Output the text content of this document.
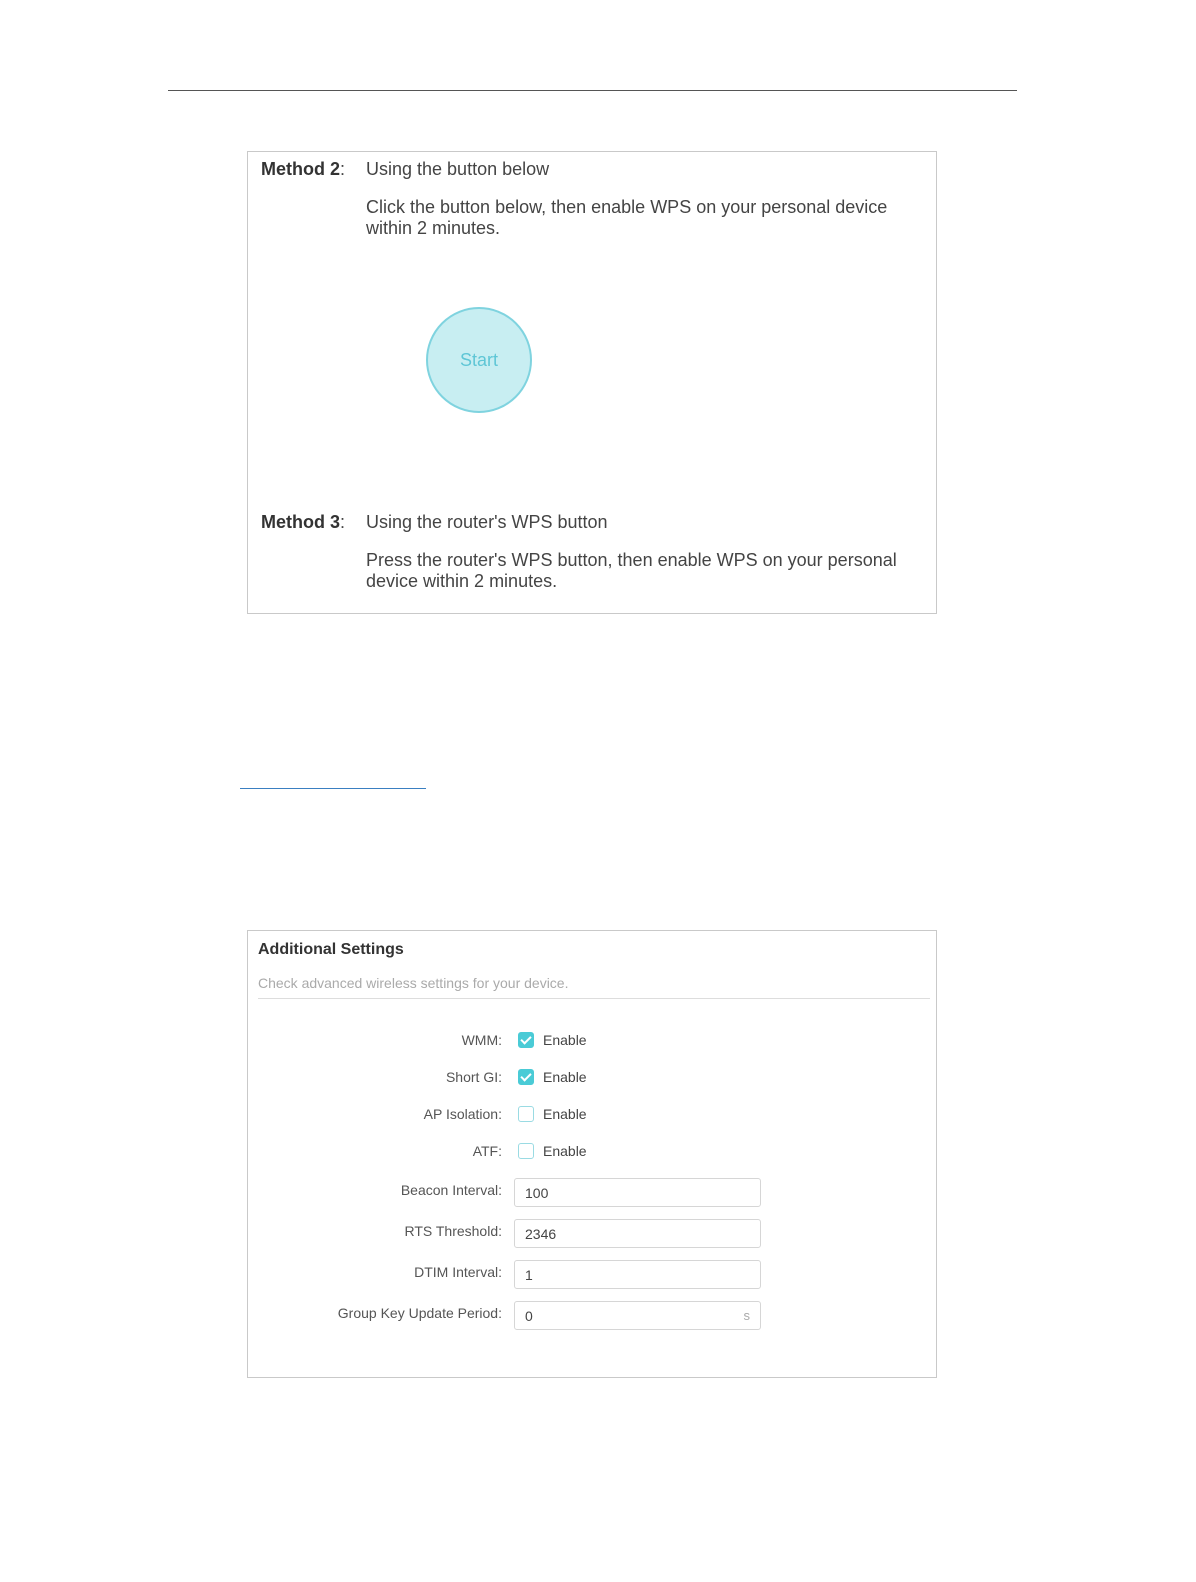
Method 2: Using the button below
Click the button below, then enable WPS on your personal device within 2 minutes.
Start
Method 3: Using the router's WPS button
Press the router's WPS button, then enable WPS on your personal device within 2 minutes.
Additional Settings
Check advanced wireless settings for your device.
WMM:	Enable
Short GI:	Enable
AP Isolation:	Enable
ATF:	Enable
Beacon Interval: 100
RTS Threshold: 2346
DTIM Interval: 1
Group Key Update Period: 0	s
